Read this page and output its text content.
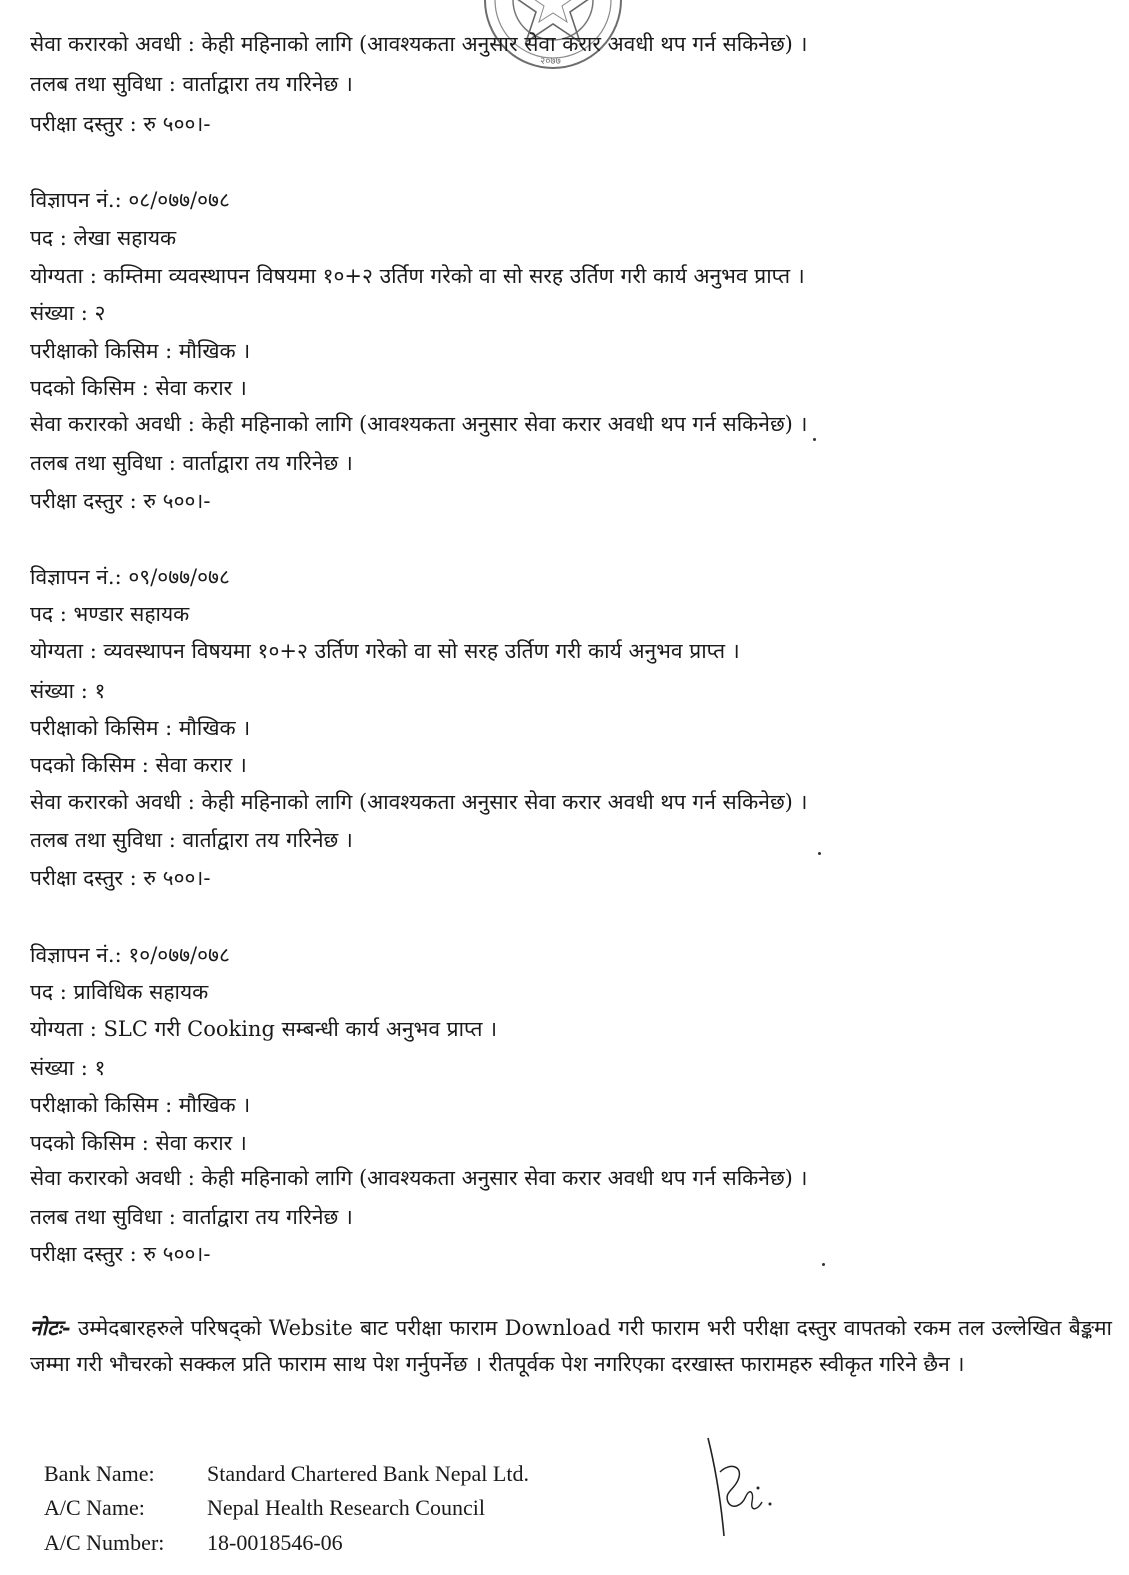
२०७७
सेवा करारको अवधी : केही महिनाको लागि (आवश्यकता अनुसार सेवा करार अवधी थप गर्न सकिनेछ) ।
तलब तथा सुविधा : वार्ताद्वारा तय गरिनेछ ।
परीक्षा दस्तुर : रु ५००।-
विज्ञापन नं.: ०८/०७७/०७८
पद : लेखा सहायक
योग्यता : कम्तिमा व्यवस्थापन विषयमा १०+२ उर्तिण गरेको वा सो सरह उर्तिण गरी कार्य अनुभव प्राप्त ।
संख्या : २
परीक्षाको किसिम : मौखिक ।
पदको किसिम : सेवा करार ।
सेवा करारको अवधी : केही महिनाको लागि (आवश्यकता अनुसार सेवा करार अवधी थप गर्न सकिनेछ) ।
तलब तथा सुविधा : वार्ताद्वारा तय गरिनेछ ।
परीक्षा दस्तुर : रु ५००।-
विज्ञापन नं.: ०९/०७७/०७८
पद : भण्डार सहायक
योग्यता : व्यवस्थापन विषयमा १०+२ उर्तिण गरेको वा सो सरह उर्तिण गरी कार्य अनुभव प्राप्त ।
संख्या : १
परीक्षाको किसिम : मौखिक ।
पदको किसिम : सेवा करार ।
सेवा करारको अवधी : केही महिनाको लागि (आवश्यकता अनुसार सेवा करार अवधी थप गर्न सकिनेछ) ।
तलब तथा सुविधा : वार्ताद्वारा तय गरिनेछ ।
परीक्षा दस्तुर : रु ५००।-
विज्ञापन नं.: १०/०७७/०७८
पद : प्राविधिक सहायक
योग्यता : SLC गरी Cooking सम्बन्धी कार्य अनुभव प्राप्त ।
संख्या : १
परीक्षाको किसिम : मौखिक ।
पदको किसिम : सेवा करार ।
सेवा करारको अवधी : केही महिनाको लागि (आवश्यकता अनुसार सेवा करार अवधी थप गर्न सकिनेछ) ।
तलब तथा सुविधा : वार्ताद्वारा तय गरिनेछ ।
परीक्षा दस्तुर : रु ५००।-
नोटः- उम्मेदबारहरुले परिषद्को Website बाट परीक्षा फाराम Download गरी फाराम भरी परीक्षा दस्तुर वापतको रकम तल उल्लेखित बैङ्कमा जम्मा गरी भौचरको सक्कल प्रति फाराम साथ पेश गर्नुपर्नेछ । रीतपूर्वक पेश नगरिएका दरखास्त फारामहरु स्वीकृत गरिने छैन ।
Bank Name: Standard Chartered Bank Nepal Ltd.
A/C Name:	Nepal Health Research Council
A/C Number: 18-0018546-06
